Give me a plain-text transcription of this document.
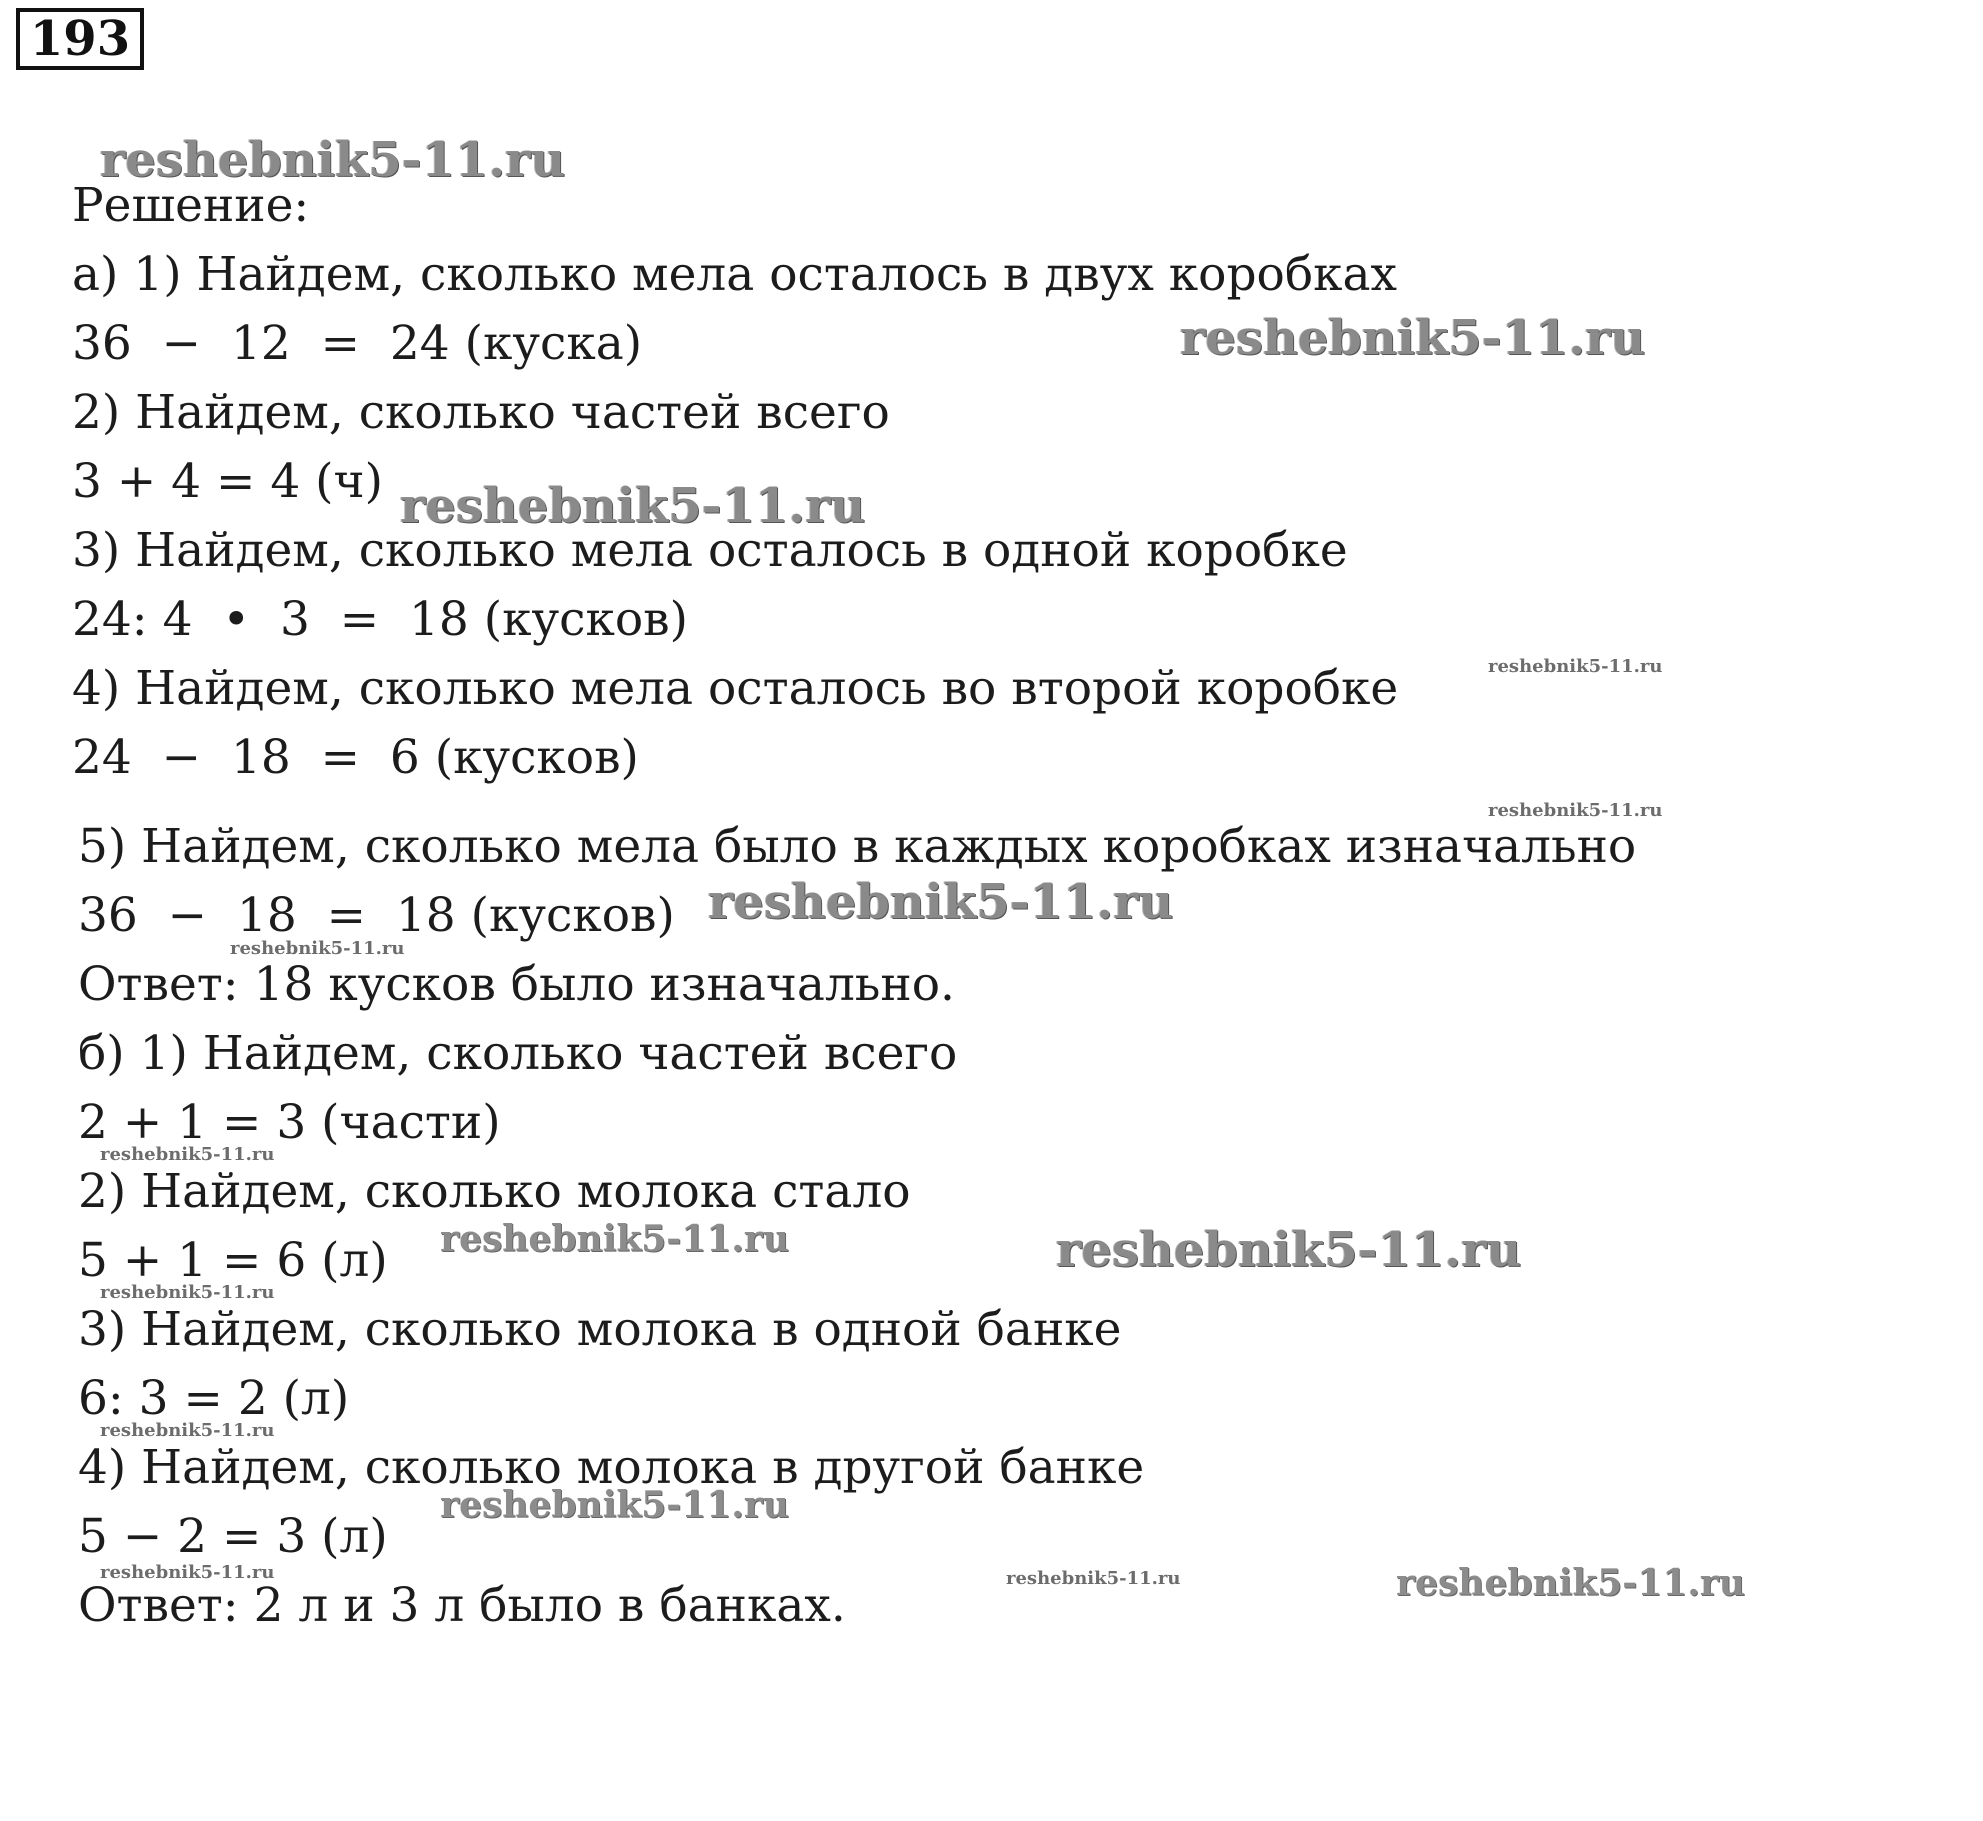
193
Решение:
а) 1) Найдем, сколько мела осталось в двух коробках
36  −  12  =  24 (куска)
2) Найдем, сколько частей всего
3 + 4 = 4 (ч)
3) Найдем, сколько мела осталось в одной коробке
24: 4  •  3  =  18 (кусков)
4) Найдем, сколько мела осталось во второй коробке
24  −  18  =  6 (кусков)
5) Найдем, сколько мела было в каждых коробках изначально
36  −  18  =  18 (кусков)
Ответ: 18 кусков было изначально.
б) 1) Найдем, сколько частей всего
2 + 1 = 3 (части)
2) Найдем, сколько молока стало
5 + 1 = 6 (л)
3) Найдем, сколько молока в одной банке
6: 3 = 2 (л)
4) Найдем, сколько молока в другой банке
5 − 2 = 3 (л)
Ответ: 2 л и 3 л было в банках.
reshebnik5-11.ru
reshebnik5-11.ru
reshebnik5-11.ru
reshebnik5-11.ru
reshebnik5-11.ru
reshebnik5-11.ru
reshebnik5-11.ru
reshebnik5-11.ru
reshebnik5-11.ru	reshebnik5-11.ru
reshebnik5-11.ru
reshebnik5-11.ru
reshebnik5-11.ru
reshebnik5-11.ru	reshebnik5-11.ru	reshebnik5-11.ru
